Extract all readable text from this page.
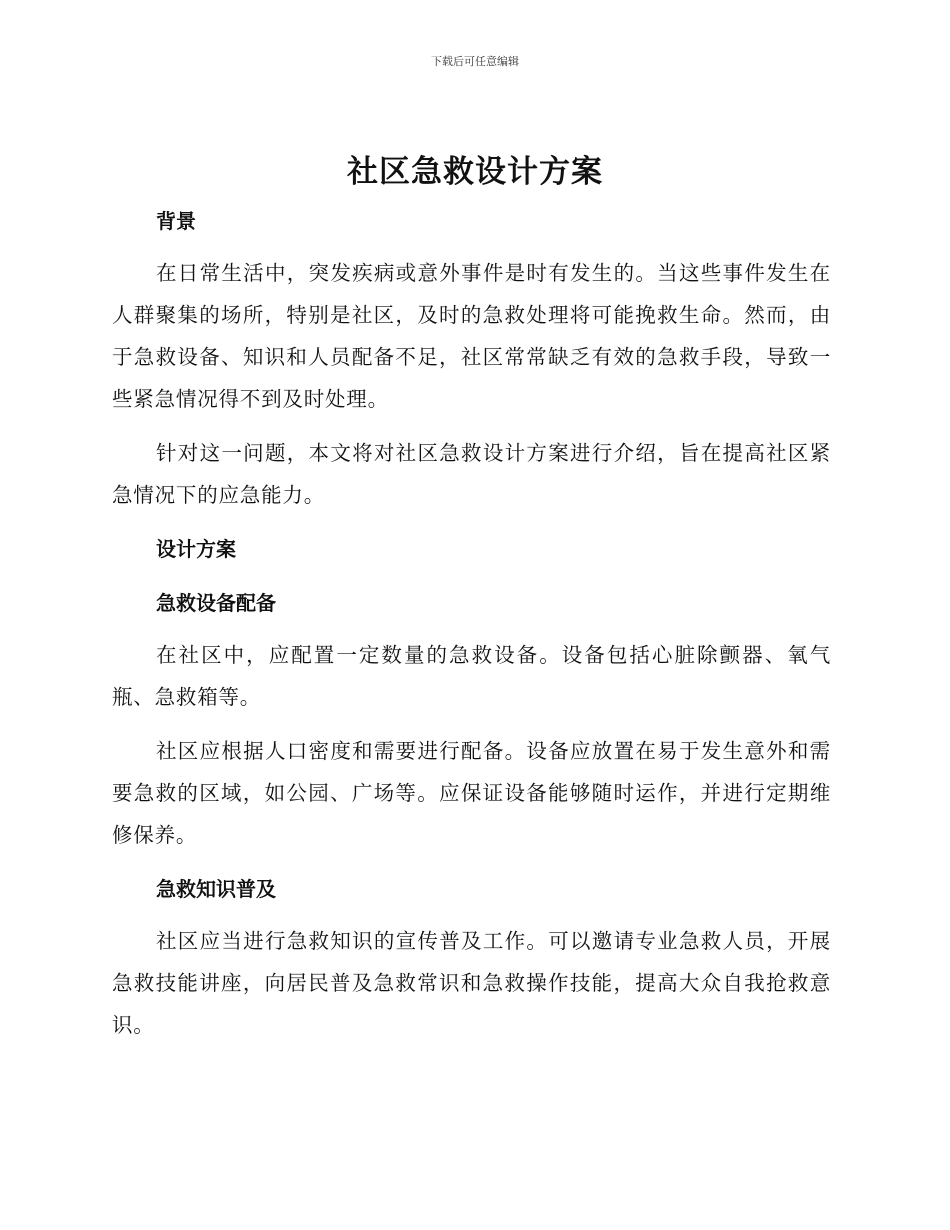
下载后可任意编辑
社区急救设计方案
背景

在日常生活中，突发疾病或意外事件是时有发生的。当这些事件发生在人群聚集的场所，特别是社区，及时的急救处理将可能挽救生命。然而，由于急救设备、知识和人员配备不足，社区常常缺乏有效的急救手段，导致一些紧急情况得不到及时处理。

针对这一问题，本文将对社区急救设计方案进行介绍，旨在提高社区紧急情况下的应急能力。

设计方案
急救设备配备

在社区中，应配置一定数量的急救设备。设备包括心脏除颤器、氧气瓶、急救箱等。

社区应根据人口密度和需要进行配备。设备应放置在易于发生意外和需要急救的区域，如公园、广场等。应保证设备能够随时运作，并进行定期维修保养。

急救知识普及

社区应当进行急救知识的宣传普及工作。可以邀请专业急救人员，开展急救技能讲座，向居民普及急救常识和急救操作技能，提高大众自我抢救意识。
